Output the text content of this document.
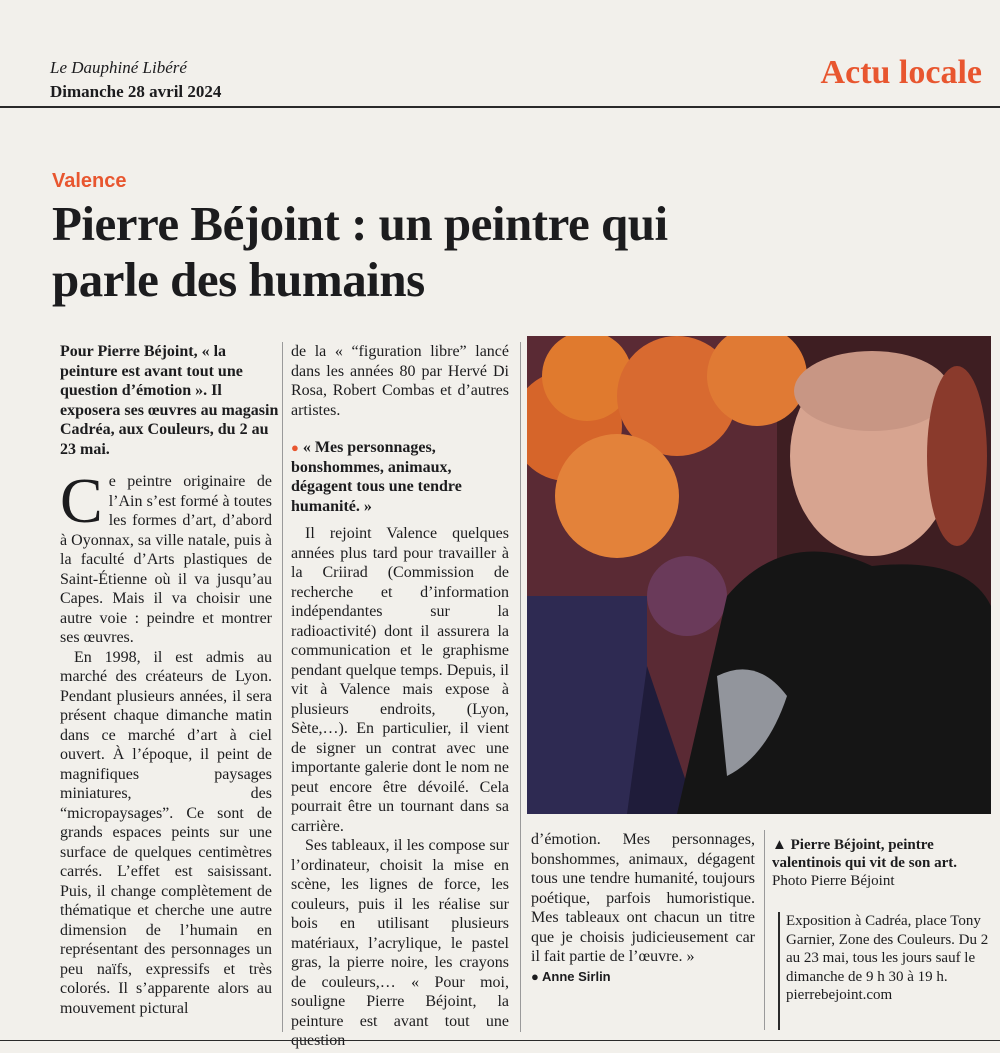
Le Dauphiné Libéré
Dimanche 28 avril 2024
Actu locale
Valence
Pierre Béjoint : un peintre qui parle des humains
Pour Pierre Béjoint, « la peinture est avant tout une question d’émotion ». Il exposera ses œuvres au magasin Cadréa, aux Couleurs, du 2 au 23 mai.

Ce peintre originaire de l’Ain s’est formé à toutes les formes d’art, d’abord à Oyonnax, sa ville natale, puis à la faculté d’Arts plastiques de Saint-Étienne où il va jusqu’au Capes. Mais il va choisir une autre voie : peindre et montrer ses œuvres.

En 1998, il est admis au marché des créateurs de Lyon. Pendant plusieurs années, il sera présent chaque dimanche matin dans ce marché d’art à ciel ouvert. À l’époque, il peint de magnifiques paysages miniatures, des “micropaysages”. Ce sont de grands espaces peints sur une surface de quelques centimètres carrés. L’effet est saisissant. Puis, il change complètement de thématique et cherche une autre dimension de l’humain en représentant des personnages un peu naïfs, expressifs et très colorés. Il s’apparente alors au mouvement pictural

de la « “figuration libre” lancé dans les années 80 par Hervé Di Rosa, Robert Combas et d’autres artistes.

● « Mes personnages, bonshommes, animaux, dégagent tous une tendre humanité. »

Il rejoint Valence quelques années plus tard pour travailler à la Criirad (Commission de recherche et d’information indépendantes sur la radioactivité) dont il assurera la communication et le graphisme pendant quelque temps. Depuis, il vit à Valence mais expose à plusieurs endroits, (Lyon, Sète,…). En particulier, il vient de signer un contrat avec une importante galerie dont le nom ne peut encore être dévoilé. Cela pourrait être un tournant dans sa carrière.

Ses tableaux, il les compose sur l’ordinateur, choisit la mise en scène, les lignes de force, les couleurs, puis il les réalise sur bois en utilisant plusieurs matériaux, l’acrylique, le pastel gras, la pierre noire, les crayons de couleurs,… « Pour moi, souligne Pierre Béjoint, la peinture est avant tout une question

▲ Pierre Béjoint, peintre valentinois qui vit de son art. Photo Pierre Béjoint

d’émotion. Mes personnages, bonshommes, animaux, dégagent tous une tendre humanité, toujours poétique, parfois humoristique. Mes tableaux ont chacun un titre que je choisis judicieusement car il fait partie de l’œuvre. »

● Anne Sirlin

Exposition à Cadréa, place Tony Garnier, Zone des Couleurs. Du 2 au 23 mai, tous les jours sauf le dimanche de 9 h 30 à 19 h.
pierrebejoint.com
